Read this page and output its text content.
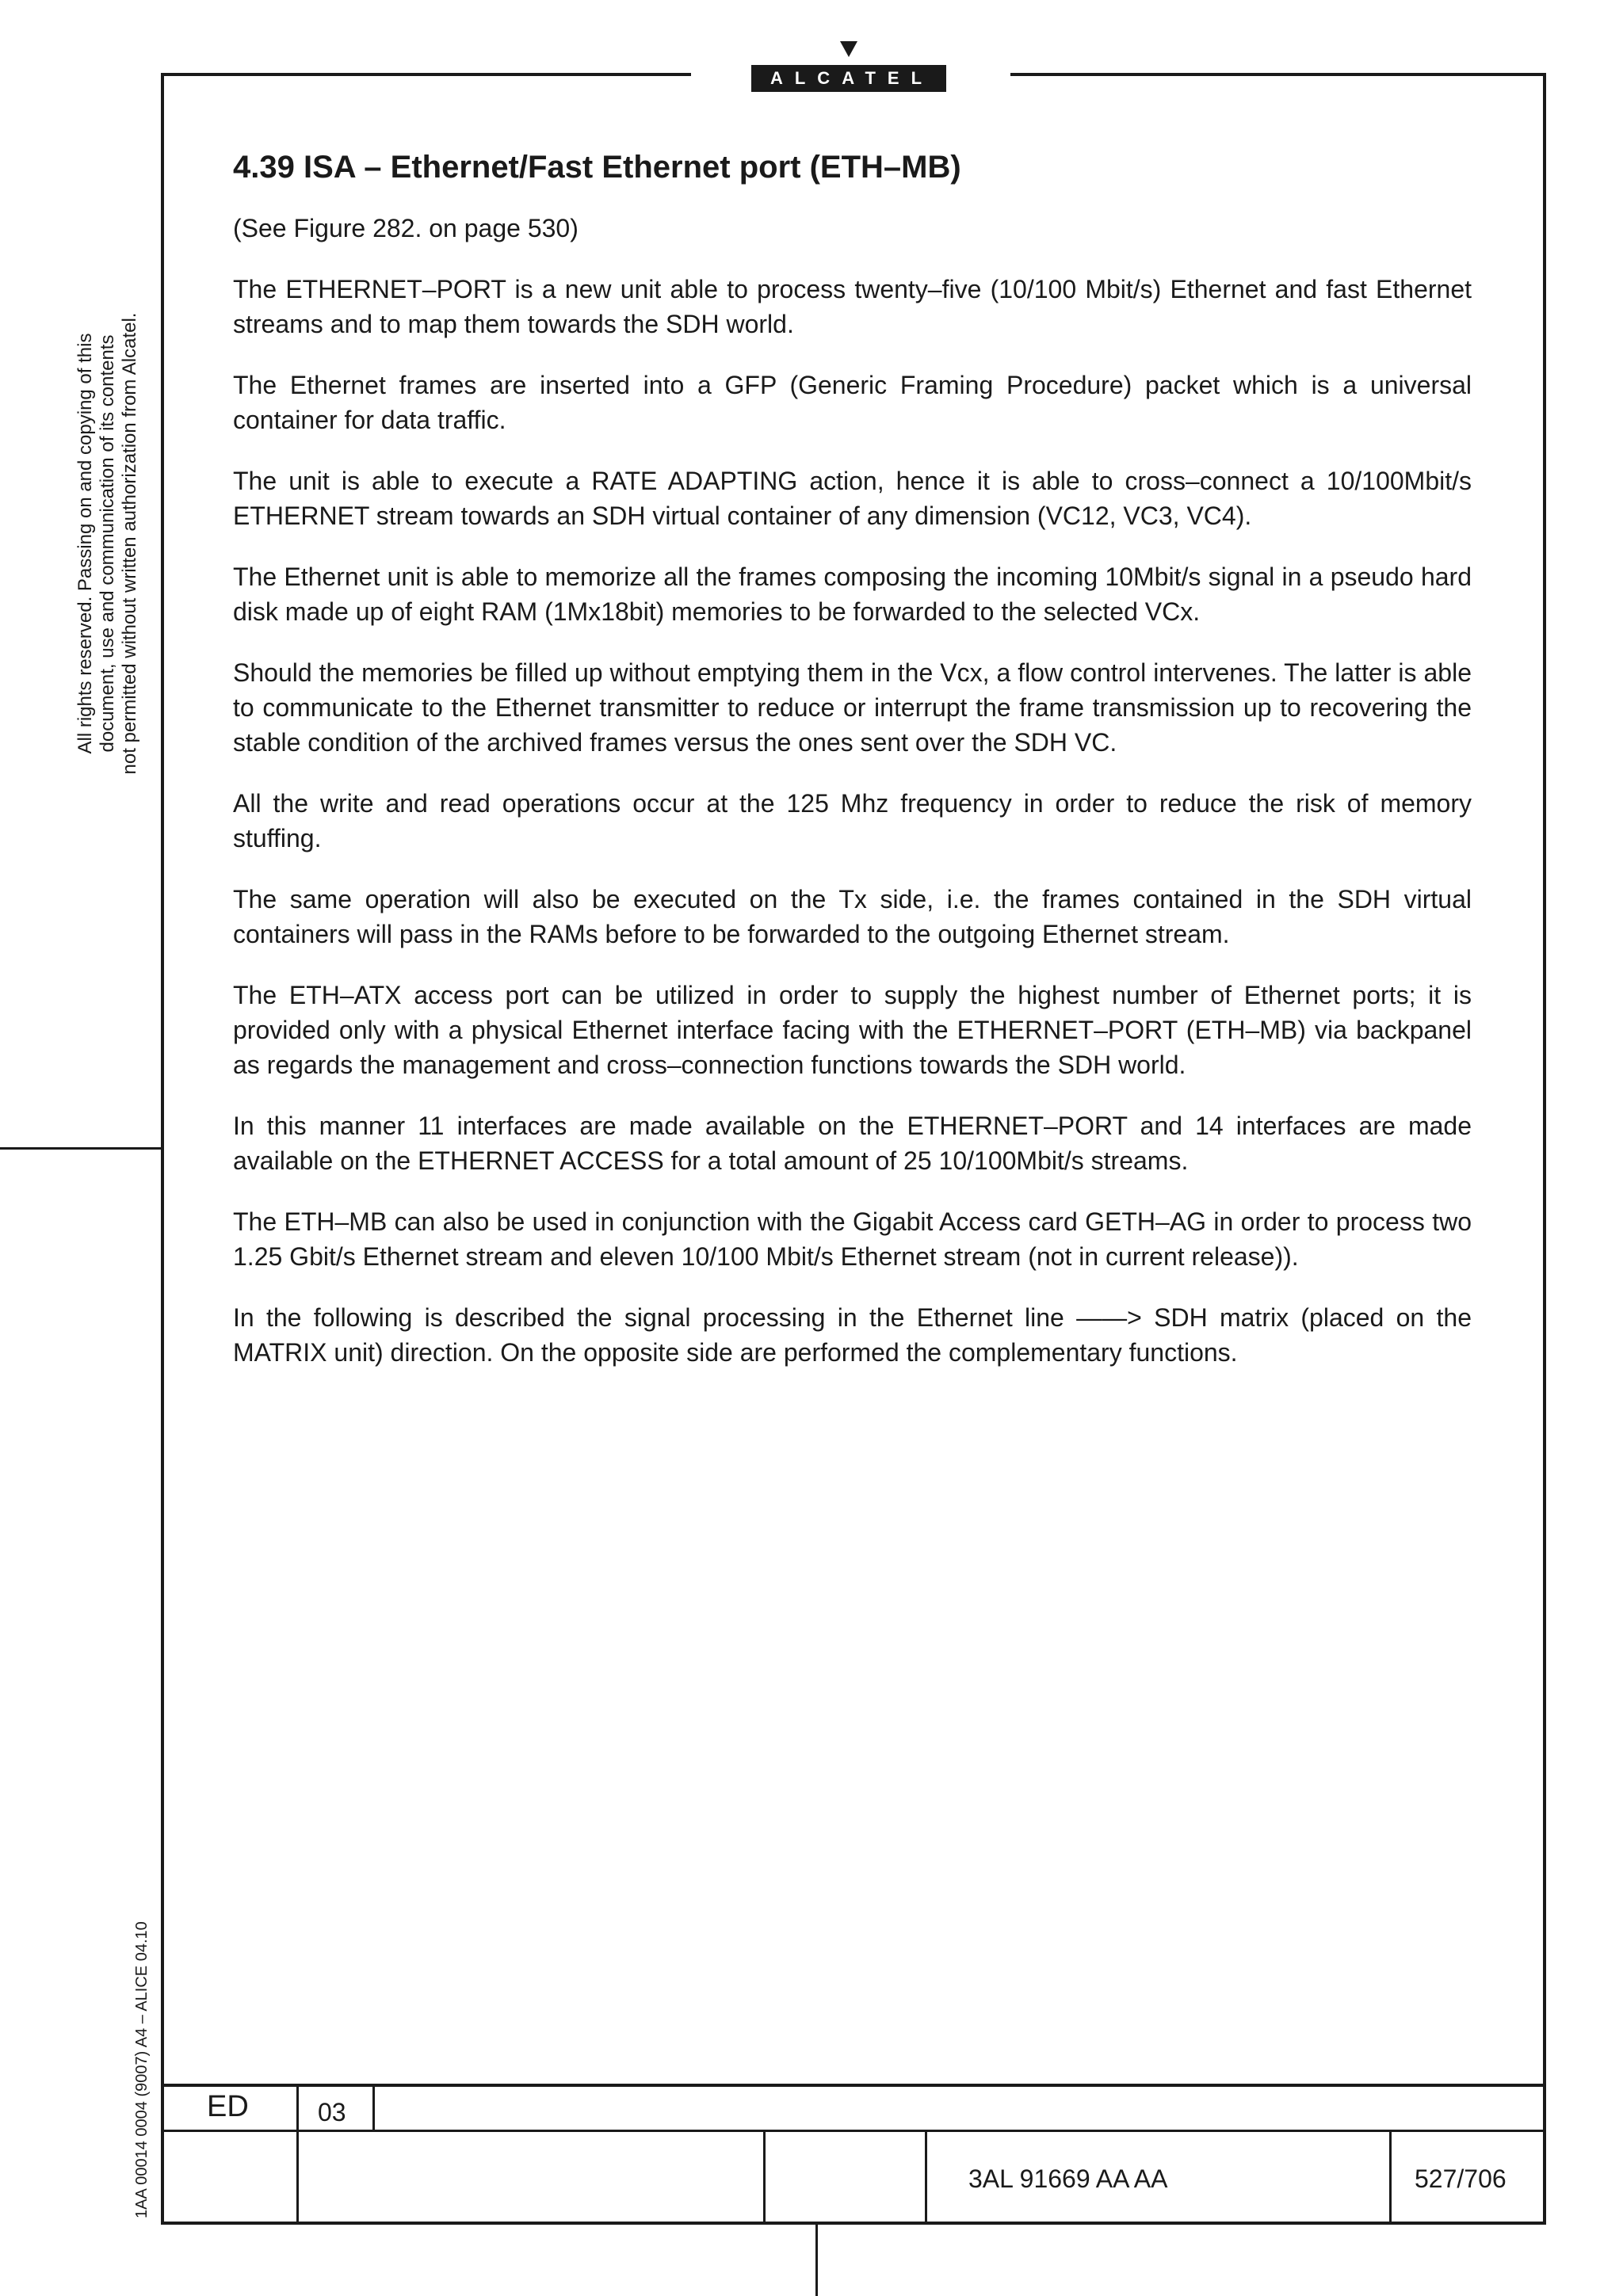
ALCATEL
All rights reserved. Passing on and copying of this document, use and communication of its contents not permitted without written authorization from Alcatel.
1AA 00014 0004 (9007) A4 – ALICE 04.10
4.39 ISA – Ethernet/Fast Ethernet port (ETH–MB)

(See Figure 282. on page 530)

The ETHERNET–PORT is a new unit able to process twenty–five (10/100 Mbit/s) Ethernet and fast Ethernet streams and to map them towards the SDH world.

The Ethernet frames are inserted into a GFP (Generic Framing Procedure) packet which is a universal container for data traffic.

The unit is able to execute a RATE ADAPTING action, hence it is able to cross–connect a 10/100Mbit/s ETHERNET stream towards an SDH virtual container of any dimension (VC12, VC3, VC4).

The Ethernet unit is able to memorize all the frames composing the incoming 10Mbit/s signal in a pseudo hard disk made up of eight RAM (1Mx18bit) memories to be forwarded to the selected VCx.

Should the memories be filled up without emptying them in the Vcx, a flow control intervenes. The latter is able to communicate to the Ethernet transmitter to reduce or interrupt the frame transmission up to recovering the stable condition of the archived frames versus the ones sent over the SDH VC.

All the write and read operations occur at the 125 Mhz frequency in order to reduce the risk of memory stuffing.

The same operation will also be executed on the Tx side, i.e. the frames contained in the SDH virtual containers will pass in the RAMs before to be forwarded to the outgoing Ethernet stream.

The ETH–ATX access port can be utilized in order to supply the highest number of Ethernet ports; it is provided only with a physical Ethernet interface facing with the ETHERNET–PORT (ETH–MB) via backpanel as regards the management and cross–connection functions towards the SDH world.

In this manner 11 interfaces are made available on the ETHERNET–PORT and 14 interfaces are made available on the ETHERNET ACCESS for a total amount of 25 10/100Mbit/s streams.

The ETH–MB can also be used in conjunction with the Gigabit Access card GETH–AG in order to process two 1.25 Gbit/s Ethernet stream and eleven 10/100 Mbit/s Ethernet stream (not in current release)).

In the following is described the signal processing in the Ethernet line ——> SDH matrix (placed on the MATRIX unit) direction. On the opposite side are performed the complementary functions.

ED	03
3AL 91669 AA AA	527/706
